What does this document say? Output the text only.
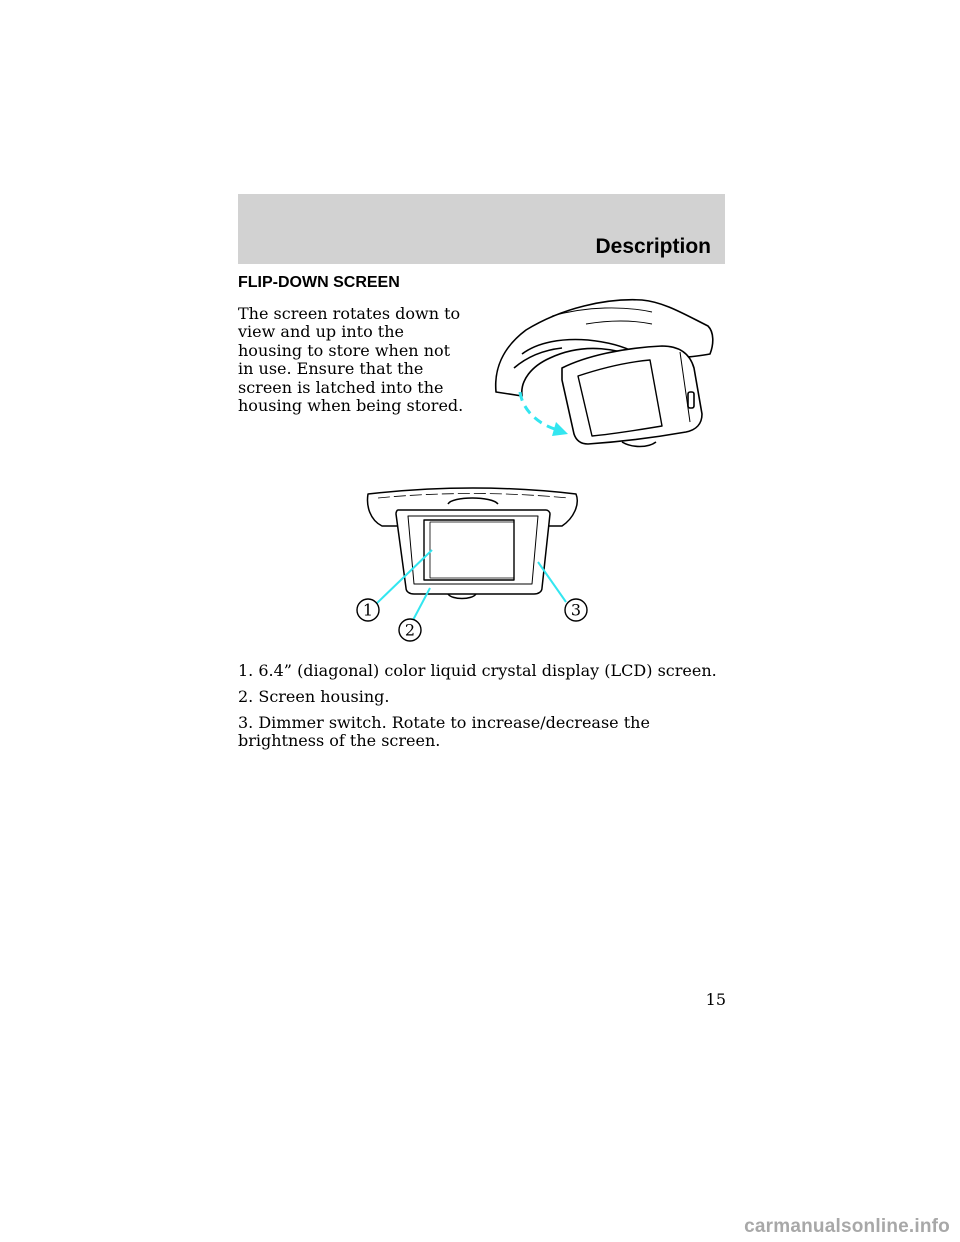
Description
FLIP-DOWN SCREEN
The screen rotates down to view and up into the housing to store when not in use. Ensure that the screen is latched into the housing when being stored.
1
2
3
1. 6.4” (diagonal) color liquid crystal display (LCD) screen.
2. Screen housing.
3. Dimmer switch. Rotate to increase/decrease the brightness of the screen.
15
carmanualsonline.info
